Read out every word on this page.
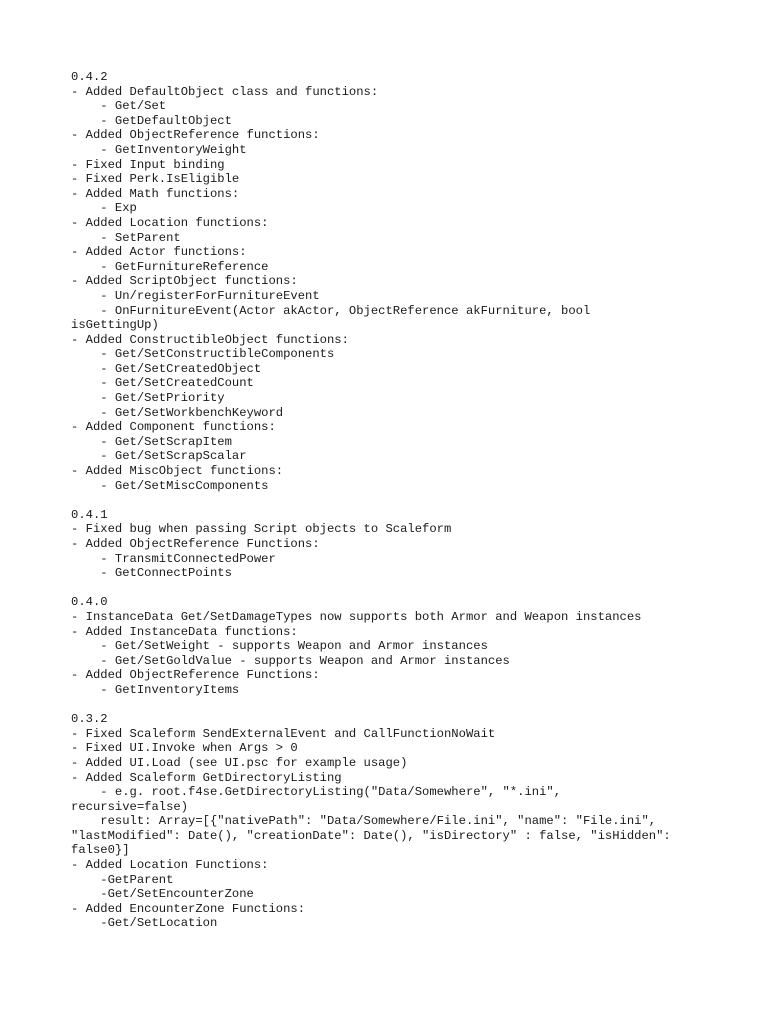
0.4.2
- Added DefaultObject class and functions:
- Get/Set
- GetDefaultObject
- Added ObjectReference functions:
- GetInventoryWeight
- Fixed Input binding
- Fixed Perk.IsEligible
- Added Math functions:
- Exp
- Added Location functions:
- SetParent
- Added Actor functions:
- GetFurnitureReference
- Added ScriptObject functions:
- Un/registerForFurnitureEvent
- OnFurnitureEvent(Actor akActor, ObjectReference akFurniture, bool
isGettingUp)
- Added ConstructibleObject functions:
- Get/SetConstructibleComponents
- Get/SetCreatedObject
- Get/SetCreatedCount
- Get/SetPriority
- Get/SetWorkbenchKeyword
- Added Component functions:
- Get/SetScrapItem
- Get/SetScrapScalar
- Added MiscObject functions:
- Get/SetMiscComponents
0.4.1
- Fixed bug when passing Script objects to Scaleform
- Added ObjectReference Functions:
- TransmitConnectedPower
- GetConnectPoints
0.4.0
- InstanceData Get/SetDamageTypes now supports both Armor and Weapon instances
- Added InstanceData functions:
- Get/SetWeight - supports Weapon and Armor instances
- Get/SetGoldValue - supports Weapon and Armor instances
- Added ObjectReference Functions:
- GetInventoryItems
0.3.2
- Fixed Scaleform SendExternalEvent and CallFunctionNoWait
- Fixed UI.Invoke when Args > 0
- Added UI.Load (see UI.psc for example usage)
- Added Scaleform GetDirectoryListing
- e.g. root.f4se.GetDirectoryListing("Data/Somewhere", "*.ini",
recursive=false)
result: Array=[{"nativePath": "Data/Somewhere/File.ini", "name": "File.ini",
"lastModified": Date(), "creationDate": Date(), "isDirectory" : false, "isHidden":
false0}]
- Added Location Functions:
-GetParent
-Get/SetEncounterZone
- Added EncounterZone Functions:
-Get/SetLocation
